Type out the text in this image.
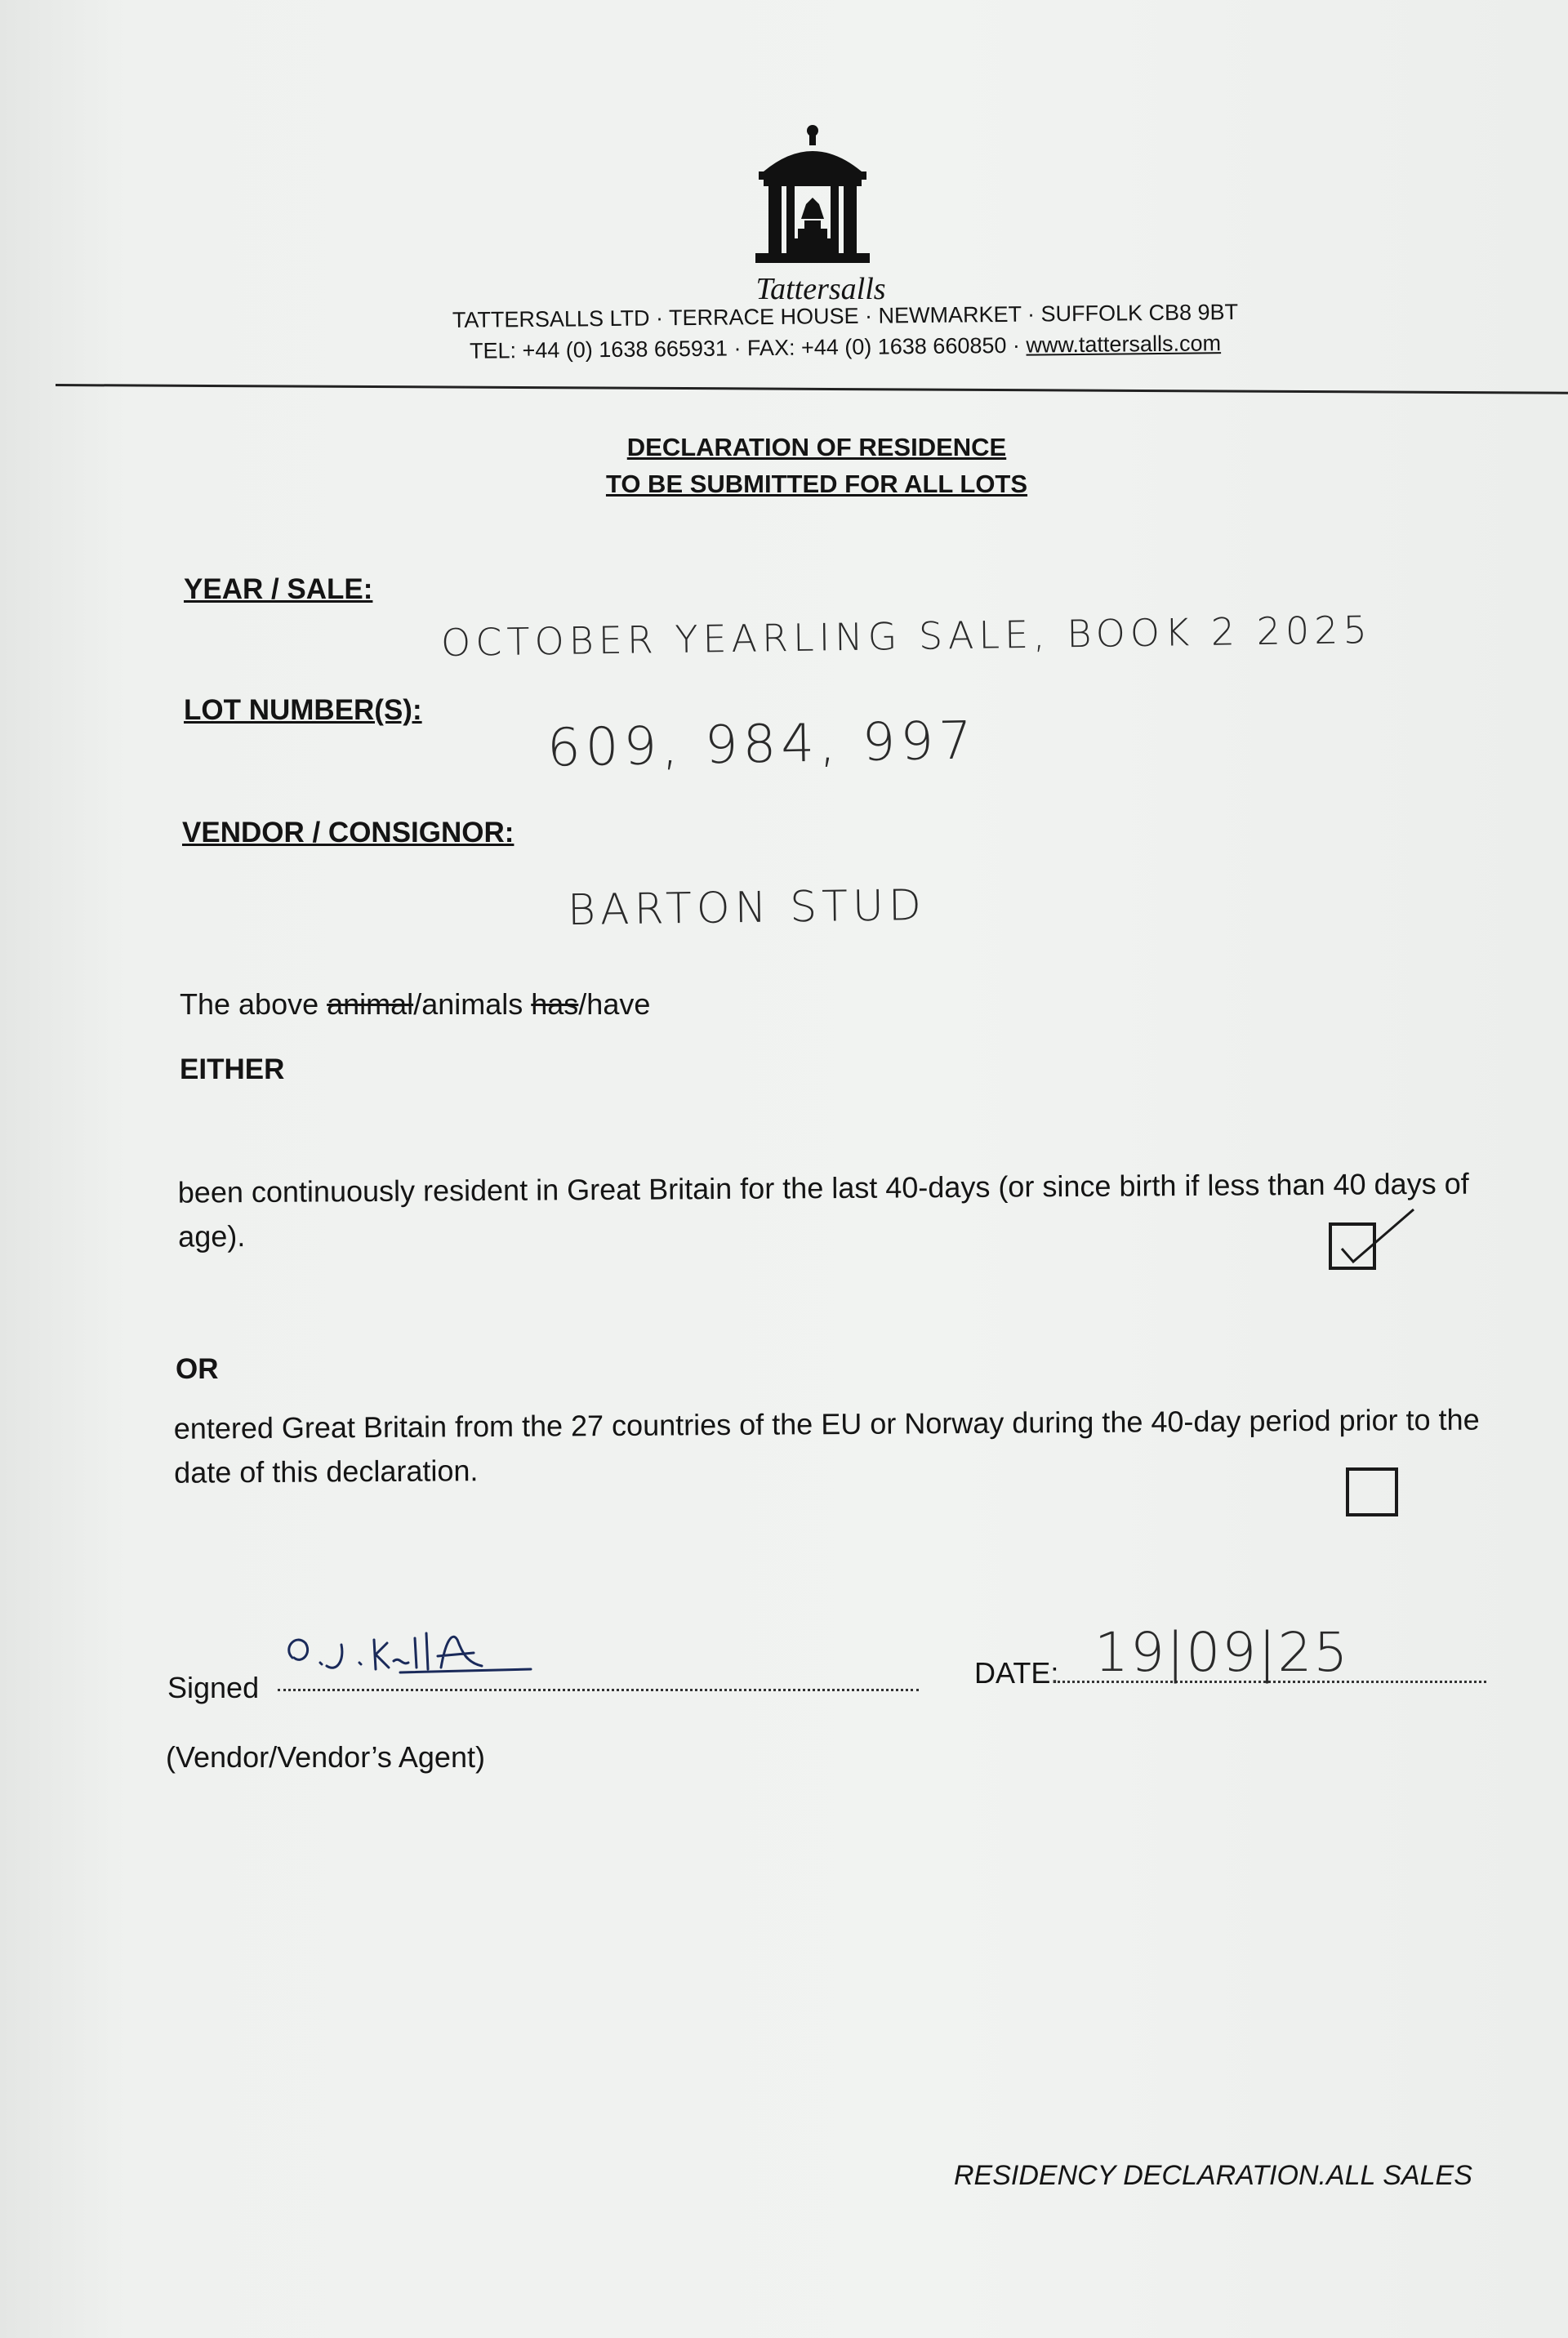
Tattersalls
TATTERSALLS LTD · TERRACE HOUSE · NEWMARKET · SUFFOLK CB8 9BT
TEL: +44 (0) 1638 665931 · FAX: +44 (0) 1638 660850 · www.tattersalls.com
DECLARATION OF RESIDENCE
TO BE SUBMITTED FOR ALL LOTS
YEAR / SALE:
OCTOBER YEARLING SALE, BOOK 2 2025
LOT NUMBER(S):
609, 984, 997
VENDOR / CONSIGNOR:
BARTON STUD
The above animal/animals has/have
EITHER
been continuously resident in Great Britain for the last 40-days (or since birth if less than 40 days of age).
OR
entered Great Britain from the 27 countries of the EU or Norway during the 40-day period prior to the date of this declaration.
Signed	DATE: 19|09|25
(Vendor/Vendor’s Agent)
RESIDENCY DECLARATION.ALL SALES
